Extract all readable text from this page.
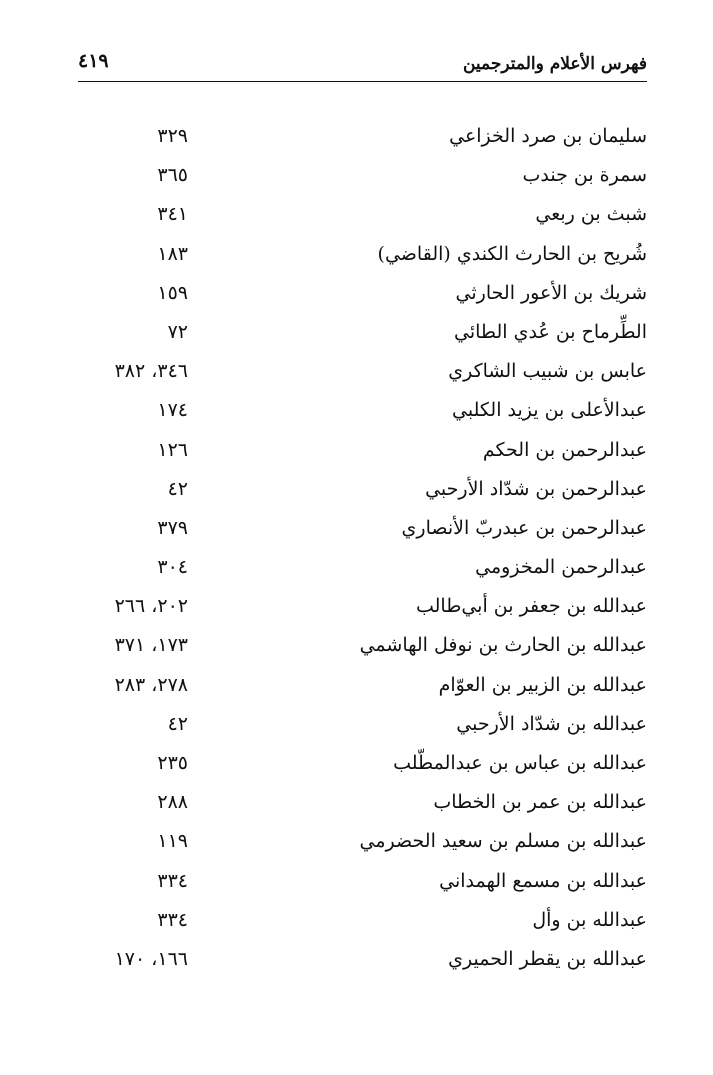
فهرس الأعلام والمترجمين
٤١٩
سليمان بن صرد الخزاعي
٣٢٩
سمرة بن جندب
٣٦٥
شبث بن ربعي
٣٤١
شُريح بن الحارث الكندي (القاضي)
١٨٣
شريك بن الأعور الحارثي
١٥٩
الطِّرماح بن عُدي الطائي
٧٢
عابس بن شبيب الشاكري
٣٤٦، ٣٨٢
عبدالأعلى بن يزيد الكلبي
١٧٤
عبدالرحمن بن الحكم
١٢٦
عبدالرحمن بن شدّاد الأرحبي
٤٢
عبدالرحمن بن عبدربّ الأنصاري
٣٧٩
عبدالرحمن المخزومي
٣٠٤
عبدالله بن جعفر بن أبي‌طالب
٢٠٢، ٢٦٦
عبدالله بن الحارث بن نوفل الهاشمي
١٧٣، ٣٧١
عبدالله بن الزبير بن العوّام
٢٧٨، ٢٨٣
عبدالله بن شدّاد الأرحبي
٤٢
عبدالله بن عباس بن عبدالمطّلب
٢٣٥
عبدالله بن عمر بن الخطاب
٢٨٨
عبدالله بن مسلم بن سعيد الحضرمي
١١٩
عبدالله بن مسمع الهمداني
٣٣٤
عبدالله بن وأل
٣٣٤
عبدالله بن يقطر الحميري
١٦٦، ١٧٠
